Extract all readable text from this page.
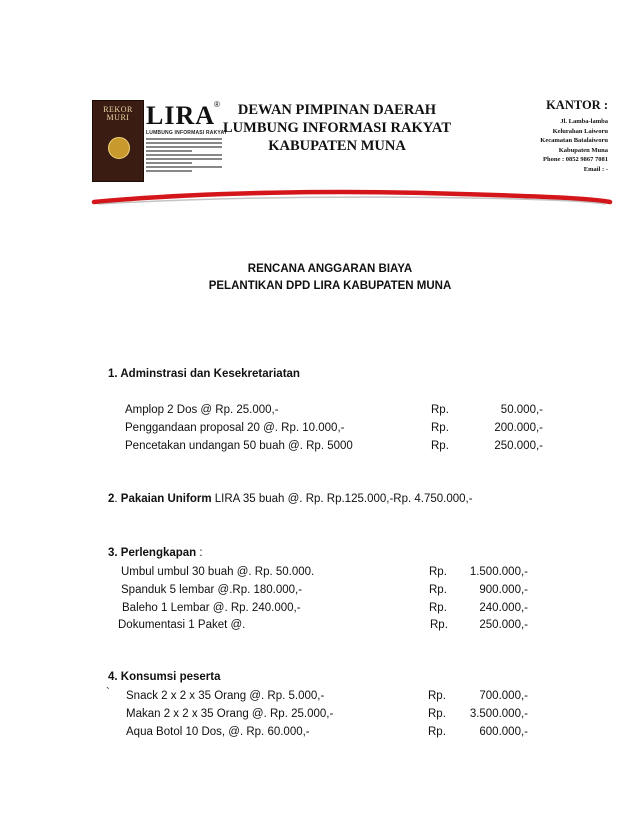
REKOR MURI LIRA
®
LUMBUNG INFORMASI RAKYAT
DEWAN PIMPINAN DAERAH
LUMBUNG INFORMASI RAKYAT
KABUPATEN MUNA
KANTOR :
Jl. Lamba-lamba
Kelurahan Laiworu
Kecamatan Batalaiworu
Kabupaten Muna
Phone : 0852 9867 7081
Email : -
RENCANA ANGGARAN BIAYA
PELANTIKAN DPD LIRA KABUPATEN MUNA
1. Adminstrasi dan Kesekretariatan
Amplop 2 Dos @ Rp. 25.000,-	Rp.	50.000,-
Penggandaan proposal 20 @. Rp. 10.000,-	Rp.	200.000,-
Pencetakan undangan 50 buah @. Rp. 5000	Rp.	250.000,-
2. Pakaian Uniform LIRA 35 buah @. Rp. Rp.125.000,-Rp. 4.750.000,-
3. Perlengkapan :
Umbul umbul 30 buah @. Rp. 50.000.	Rp.	1.500.000,-
Spanduk 5 lembar @.Rp. 180.000,-	Rp.	900.000,-
Baleho 1 Lembar @. Rp. 240.000,-	Rp.	240.000,-
Dokumentasi 1 Paket @.	Rp.	250.000,-
4. Konsumsi peserta
` Snack 2 x 2 x 35 Orang @. Rp. 5.000,-	Rp.	700.000,-
Makan 2 x 2 x 35 Orang @. Rp. 25.000,-	Rp.	3.500.000,-
Aqua Botol 10 Dos, @. Rp. 60.000,-	Rp.	600.000,-
